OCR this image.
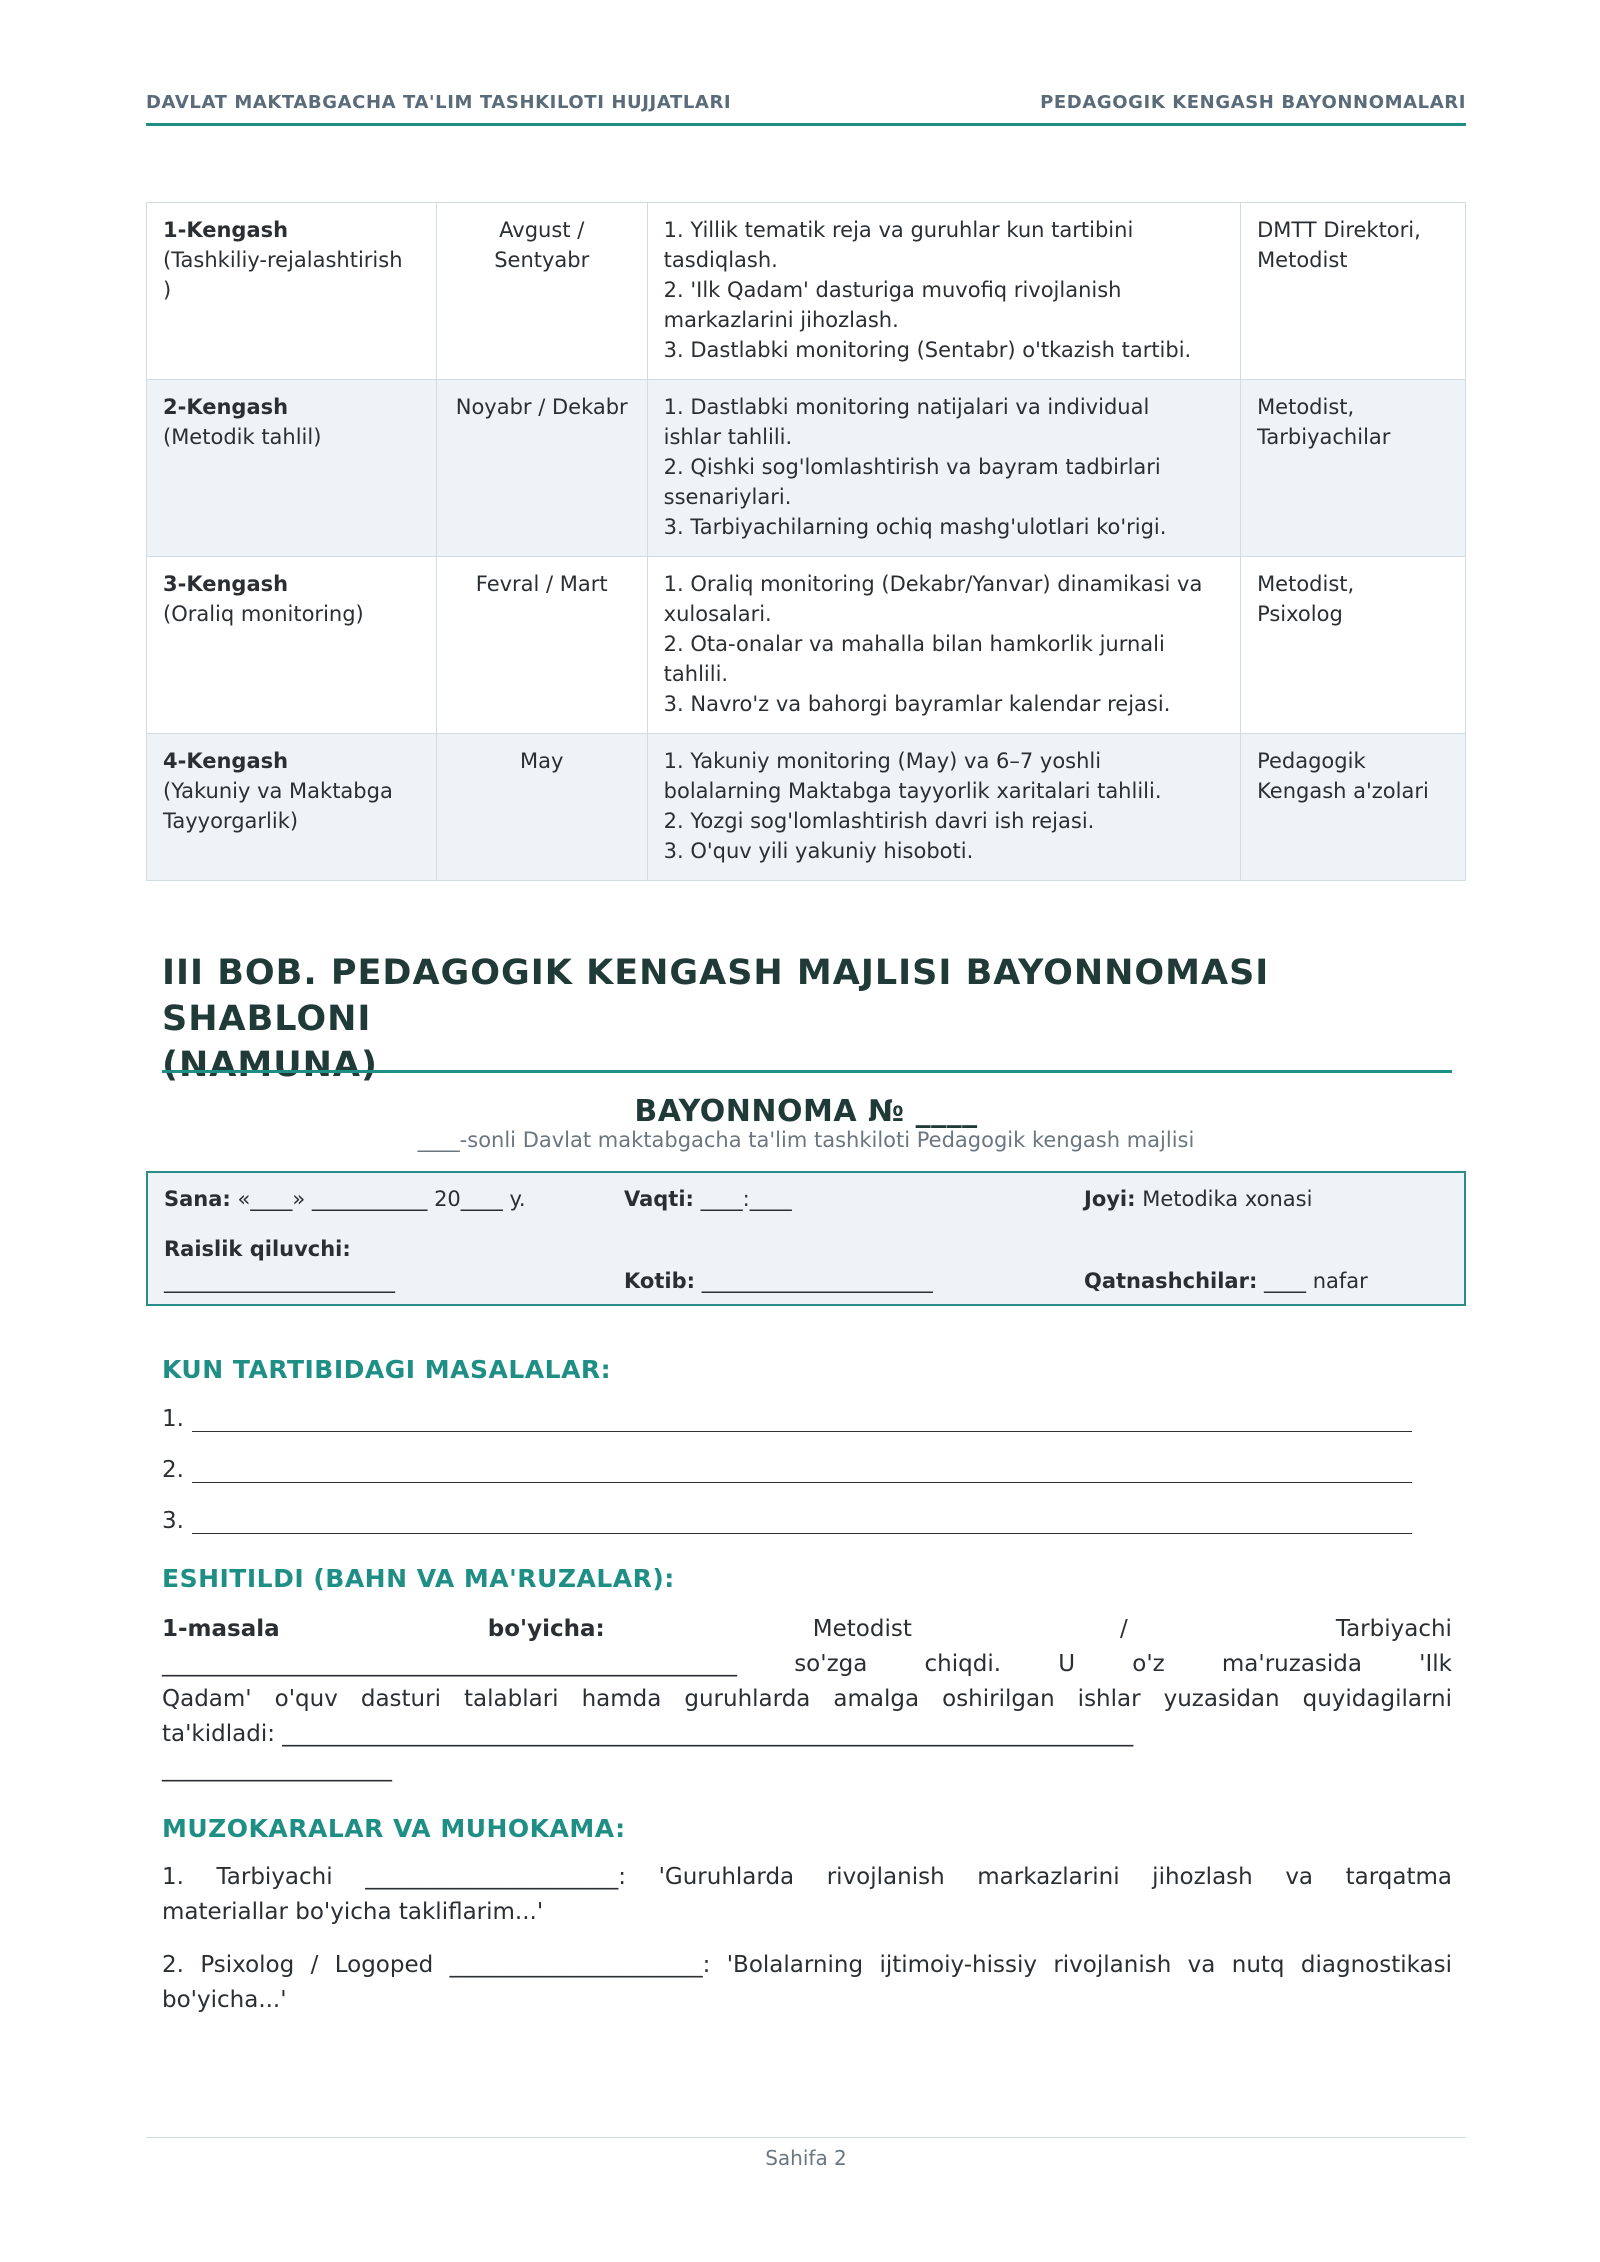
DAVLAT MAKTABGACHA TA'LIM TASHKILOTI HUJJATLARI	PEDAGOGIK KENGASH BAYONNOMALARI
1-Kengash
(Tashkiliy-rejalashtirish
)	Avgust /
Sentyabr	1. Yillik tematik reja va guruhlar kun tartibini
tasdiqlash.
2. 'Ilk Qadam' dasturiga muvofiq rivojlanish
markazlarini jihozlash.
3. Dastlabki monitoring (Sentabr) o'tkazish tartibi.	DMTT Direktori,
Metodist

2-Kengash
(Metodik tahlil)	Noyabr / Dekabr	1. Dastlabki monitoring natijalari va individual
ishlar tahlili.
2. Qishki sog'lomlashtirish va bayram tadbirlari
ssenariylari.
3. Tarbiyachilarning ochiq mashg'ulotlari ko'rigi.	Metodist,
Tarbiyachilar

3-Kengash
(Oraliq monitoring)	Fevral / Mart	1. Oraliq monitoring (Dekabr/Yanvar) dinamikasi va
xulosalari.
2. Ota-onalar va mahalla bilan hamkorlik jurnali
tahlili.
3. Navro'z va bahorgi bayramlar kalendar rejasi.	Metodist,
Psixolog

4-Kengash
(Yakuniy va Maktabga
Tayyorgarlik)	May	1. Yakuniy monitoring (May) va 6–7 yoshli
bolalarning Maktabga tayyorlik xaritalari tahlili.
2. Yozgi sog'lomlashtirish davri ish rejasi.
3. O'quv yili yakuniy hisoboti.	Pedagogik
Kengash a'zolari
III BOB. PEDAGOGIK KENGASH MAJLISI BAYONNOMASI SHABLONI
(NAMUNA)
BAYONNOMA № ____
____-sonli Davlat maktabgacha ta'lim tashkiloti Pedagogik kengash majlisi
Sana: «____» ___________ 20____ y.	Vaqti: ____:____	Joyi: Metodika xonasi
Raislik qiluvchi:
______________________	Kotib: ______________________	Qatnashchilar: ____ nafar
KUN TARTIBIDAGI MASALALAR:
1.
2.
3.
ESHITILDI (BAHN VA MA'RUZALAR):
1-masala	bo'yicha:	Metodist	/	Tarbiyachi
__________________________________________________ so'zga chiqdi. U o'z ma'ruzasida 'Ilk
Qadam' o'quv dasturi talablari hamda guruhlarda amalga oshirilgan ishlar yuzasidan quyidagilarni
ta'kidladi: __________________________________________________________________________
____________________
MUZOKARALAR VA MUHOKAMA:
1. Tarbiyachi ______________________: 'Guruhlarda rivojlanish markazlarini jihozlash va tarqatma
materiallar bo'yicha takliflarim...'
2. Psixolog / Logoped ______________________: 'Bolalarning ijtimoiy-hissiy rivojlanish va nutq diagnostikasi
bo'yicha...'
Sahifa 2
